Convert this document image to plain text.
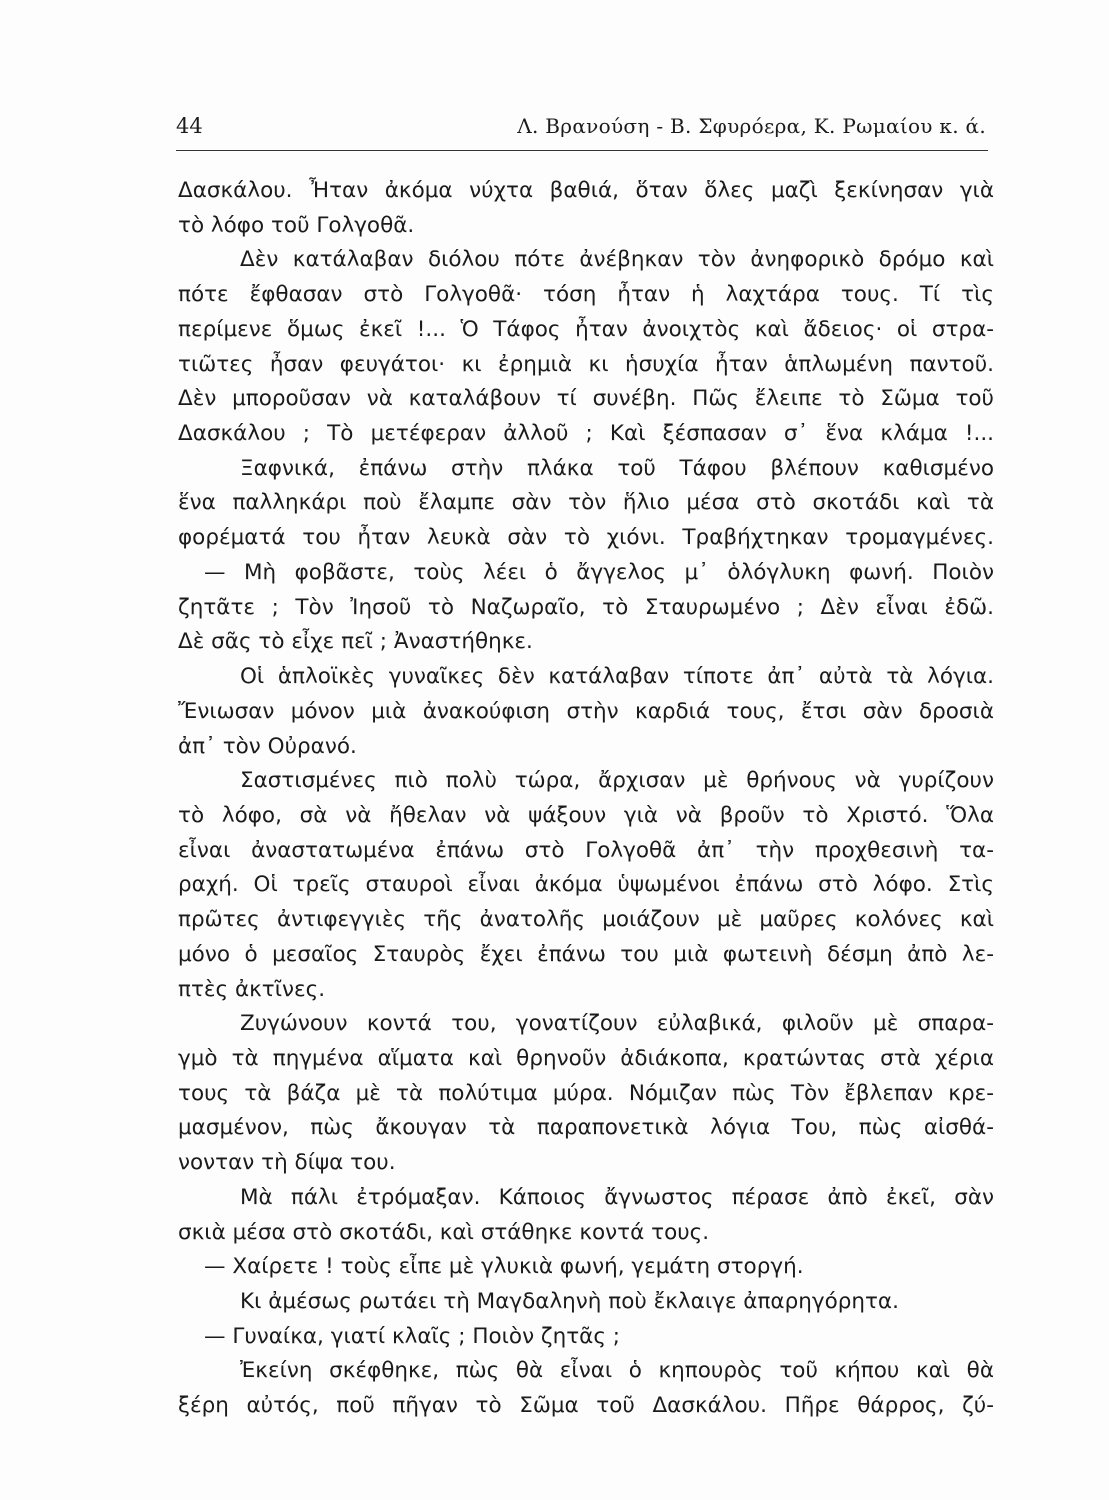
44	Λ. Βρανούση - Β. Σφυρόερα, Κ. Ρωμαίου κ. ά.
Δασκάλου. Ἦταν ἀκόμα νύχτα βαθιά, ὅταν ὅλες μαζὶ ξεκίνησαν γιὰ
τὸ λόφο τοῦ Γολγοθᾶ.
Δὲν κατάλαβαν διόλου πότε ἀνέβηκαν τὸν ἀνηφορικὸ δρόμο καὶ
πότε ἔφθασαν στὸ Γολγοθᾶ· τόση ἦταν ἡ λαχτάρα τους. Τί τὶς
περίμενε ὅμως ἐκεῖ !... Ὁ Τάφος ἦταν ἀνοιχτὸς καὶ ἄδειος· οἱ στρα-
τιῶτες ἦσαν φευγάτοι· κι ἐρημιὰ κι ἡσυχία ἦταν ἁπλωμένη παντοῦ.
Δὲν μποροῦσαν νὰ καταλάβουν τί συνέβη. Πῶς ἔλειπε τὸ Σῶμα τοῦ
Δασκάλου ; Τὸ μετέφεραν ἀλλοῦ ; Καὶ ξέσπασαν σ᾿ ἕνα κλάμα !...
Ξαφνικά, ἐπάνω στὴν πλάκα τοῦ Τάφου βλέπουν καθισμένο
ἕνα παλληκάρι ποὺ ἔλαμπε σὰν τὸν ἥλιο μέσα στὸ σκοτάδι καὶ τὰ
φορέματά του ἦταν λευκὰ σὰν τὸ χιόνι. Τραβήχτηκαν τρομαγμένες.
— Μὴ φοβᾶστε, τοὺς λέει ὁ ἄγγελος μ᾿ ὁλόγλυκη φωνή. Ποιὸν
ζητᾶτε ; Τὸν Ἰησοῦ τὸ Ναζωραῖο, τὸ Σταυρωμένο ; Δὲν εἶναι ἐδῶ.
Δὲ σᾶς τὸ εἶχε πεῖ ; Ἀναστήθηκε.
Οἱ ἁπλοϊκὲς γυναῖκες δὲν κατάλαβαν τίποτε ἀπ᾿ αὐτὰ τὰ λόγια.
Ἔνιωσαν μόνον μιὰ ἀνακούφιση στὴν καρδιά τους, ἔτσι σὰν δροσιὰ
ἀπ᾿ τὸν Οὐρανό.
Σαστισμένες πιὸ πολὺ τώρα, ἄρχισαν μὲ θρήνους νὰ γυρίζουν
τὸ λόφο, σὰ νὰ ἤθελαν νὰ ψάξουν γιὰ νὰ βροῦν τὸ Χριστό. Ὅλα
εἶναι ἀναστατωμένα ἐπάνω στὸ Γολγοθᾶ ἀπ᾿ τὴν προχθεσινὴ τα-
ραχή. Οἱ τρεῖς σταυροὶ εἶναι ἀκόμα ὑψωμένοι ἐπάνω στὸ λόφο. Στὶς
πρῶτες ἀντιφεγγιὲς τῆς ἀνατολῆς μοιάζουν μὲ μαῦρες κολόνες καὶ
μόνο ὁ μεσαῖος Σταυρὸς ἔχει ἐπάνω του μιὰ φωτεινὴ δέσμη ἀπὸ λε-
πτὲς ἀκτῖνες.
Ζυγώνουν κοντά του, γονατίζουν εὐλαβικά, φιλοῦν μὲ σπαρα-
γμὸ τὰ πηγμένα αἵματα καὶ θρηνοῦν ἀδιάκοπα, κρατώντας στὰ χέρια
τους τὰ βάζα μὲ τὰ πολύτιμα μύρα. Νόμιζαν πὼς Τὸν ἔβλεπαν κρε-
μασμένον, πὼς ἄκουγαν τὰ παραπονετικὰ λόγια Του, πὼς αἰσθά-
νονταν τὴ δίψα του.
Μὰ πάλι ἐτρόμαξαν. Κάποιος ἄγνωστος πέρασε ἀπὸ ἐκεῖ, σὰν
σκιὰ μέσα στὸ σκοτάδι, καὶ στάθηκε κοντά τους.
— Χαίρετε ! τοὺς εἶπε μὲ γλυκιὰ φωνή, γεμάτη στοργή.
Κι ἀμέσως ρωτάει τὴ Μαγδαληνὴ ποὺ ἔκλαιγε ἀπαρηγόρητα.
— Γυναίκα, γιατί κλαῖς ; Ποιὸν ζητᾶς ;
Ἐκείνη σκέφθηκε, πὼς θὰ εἶναι ὁ κηπουρὸς τοῦ κήπου καὶ θὰ
ξέρη αὐτός, ποῦ πῆγαν τὸ Σῶμα τοῦ Δασκάλου. Πῆρε θάρρος, ζύ-
